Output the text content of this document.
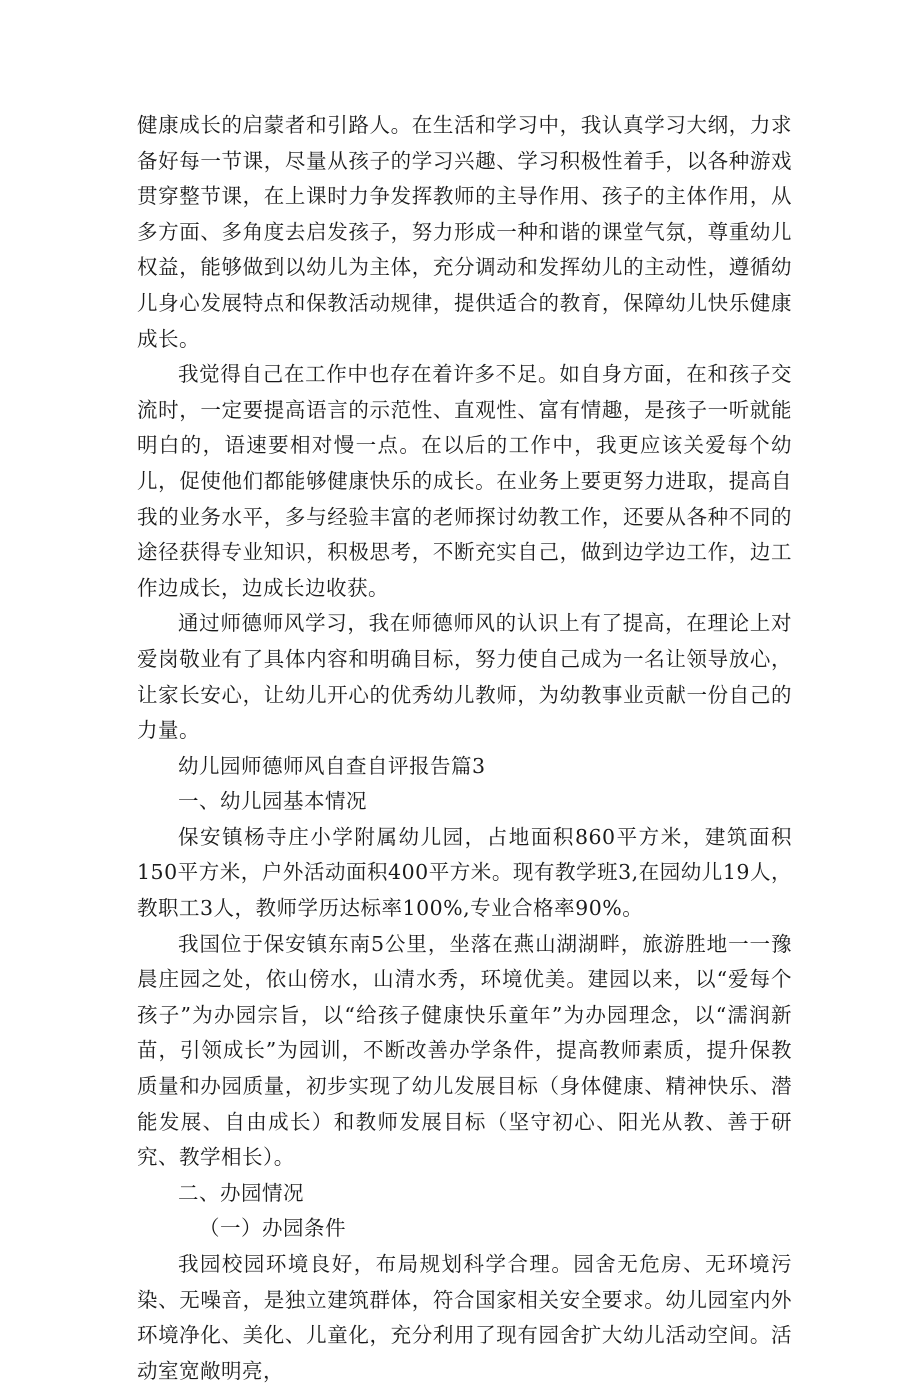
健康成长的启蒙者和引路人。在生活和学习中，我认真学习大纲，力求备好每一节课，尽量从孩子的学习兴趣、学习积极性着手，以各种游戏贯穿整节课，在上课时力争发挥教师的主导作用、孩子的主体作用，从多方面、多角度去启发孩子，努力形成一种和谐的课堂气氛，尊重幼儿权益，能够做到以幼儿为主体，充分调动和发挥幼儿的主动性，遵循幼儿身心发展特点和保教活动规律，提供适合的教育，保障幼儿快乐健康成长。

我觉得自己在工作中也存在着许多不足。如自身方面，在和孩子交流时，一定要提高语言的示范性、直观性、富有情趣，是孩子一听就能明白的，语速要相对慢一点。在以后的工作中，我更应该关爱每个幼儿，促使他们都能够健康快乐的成长。在业务上要更努力进取，提高自我的业务水平，多与经验丰富的老师探讨幼教工作，还要从各种不同的途径获得专业知识，积极思考，不断充实自己，做到边学边工作，边工作边成长，边成长边收获。

通过师德师风学习，我在师德师风的认识上有了提高，在理论上对爱岗敬业有了具体内容和明确目标，努力使自己成为一名让领导放心，让家长安心，让幼儿开心的优秀幼儿教师，为幼教事业贡献一份自己的力量。

幼儿园师德师风自查自评报告篇3

一、幼儿园基本情况

保安镇杨寺庄小学附属幼儿园，占地面积860平方米，建筑面积150平方米，户外活动面积400平方米。现有教学班3,在园幼儿19人，教职工3人，教师学历达标率100%,专业合格率90%。

我国位于保安镇东南5公里，坐落在燕山湖湖畔，旅游胜地一一豫晨庄园之处，依山傍水，山清水秀，环境优美。建园以来，以“爱每个孩子”为办园宗旨，以“给孩子健康快乐童年”为办园理念，以“濡润新苗，引领成长”为园训，不断改善办学条件，提高教师素质，提升保教质量和办园质量，初步实现了幼儿发展目标（身体健康、精神快乐、潜能发展、自由成长）和教师发展目标（坚守初心、阳光从教、善于研究、教学相长）。

二、办园情况

（一）办园条件

我园校园环境良好，布局规划科学合理。园舍无危房、无环境污染、无噪音，是独立建筑群体，符合国家相关安全要求。幼儿园室内外环境净化、美化、儿童化，充分利用了现有园舍扩大幼儿活动空间。活动室宽敞明亮，
